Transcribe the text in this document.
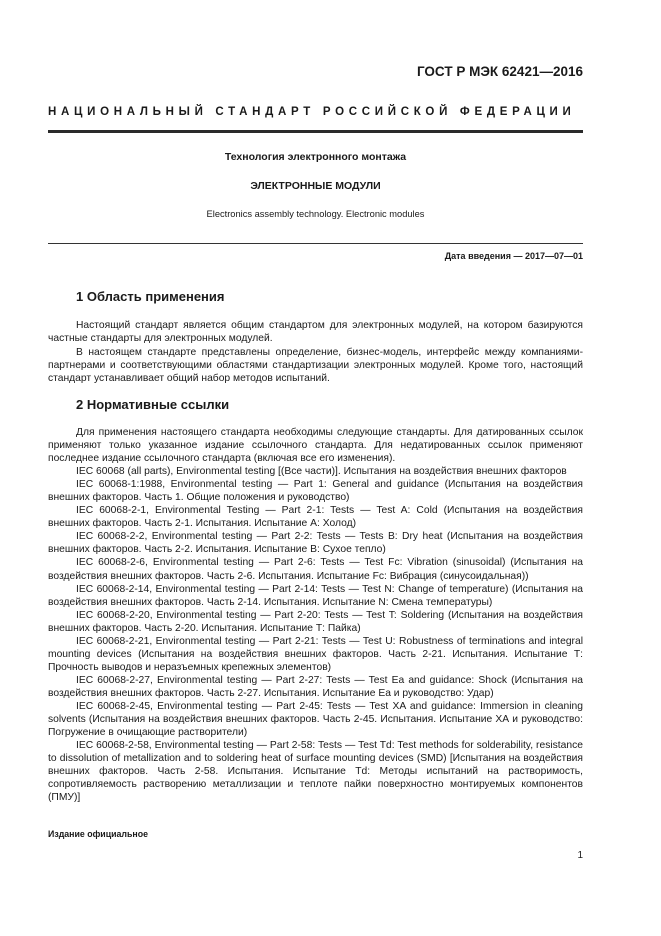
ГОСТ Р МЭК 62421—2016
НАЦИОНАЛЬНЫЙ СТАНДАРТ РОССИЙСКОЙ ФЕДЕРАЦИИ
Технология электронного монтажа
ЭЛЕКТРОННЫЕ МОДУЛИ
Electronics assembly technology. Electronic modules
Дата введения — 2017—07—01
1 Область применения

Настоящий стандарт является общим стандартом для электронных модулей, на котором базируются частные стандарты для электронных модулей.

В настоящем стандарте представлены определение, бизнес-модель, интерфейс между компаниями-партнерами и соответствующими областями стандартизации электронных модулей. Кроме того, настоящий стандарт устанавливает общий набор методов испытаний.

2 Нормативные ссылки

Для применения настоящего стандарта необходимы следующие стандарты. Для датированных ссылок применяют только указанное издание ссылочного стандарта. Для недатированных ссылок применяют последнее издание ссылочного стандарта (включая все его изменения).

IEC 60068 (all parts), Environmental testing [(Все части)]. Испытания на воздействия внешних факторов

IEC 60068-1:1988, Environmental testing — Part 1: General and guidance (Испытания на воздействия внешних факторов. Часть 1. Общие положения и руководство)

IEC 60068-2-1, Environmental Testing — Part 2-1: Tests — Test A: Cold (Испытания на воздействия внешних факторов. Часть 2-1. Испытания. Испытание А: Холод)

IEC 60068-2-2, Environmental testing — Part 2-2: Tests — Tests B: Dry heat (Испытания на воздействия внешних факторов. Часть 2-2. Испытания. Испытание В: Сухое тепло)

IEC 60068-2-6, Environmental testing — Part 2-6: Tests — Test Fc: Vibration (sinusoidal) (Испытания на воздействия внешних факторов. Часть 2-6. Испытания. Испытание Fc: Вибрация (синусоидальная))

IEC 60068-2-14, Environmental testing — Part 2-14: Tests — Test N: Change of temperature) (Испытания на воздействия внешних факторов. Часть 2-14. Испытания. Испытание N: Смена температуры)

IEC 60068-2-20, Environmental testing — Part 2-20: Tests — Test T: Soldering (Испытания на воздействия внешних факторов. Часть 2-20. Испытания. Испытание Т: Пайка)

IEC 60068-2-21, Environmental testing — Part 2-21: Tests — Test U: Robustness of terminations and integral mounting devices (Испытания на воздействия внешних факторов. Часть 2-21. Испытания. Испытание Т: Прочность выводов и неразъемных крепежных элементов)

IEC 60068-2-27, Environmental testing — Part 2-27: Tests — Test Ea and guidance: Shock (Испытания на воздействия внешних факторов. Часть 2-27. Испытания. Испытание Еа и руководство: Удар)

IEC 60068-2-45, Environmental testing — Part 2-45: Tests — Test XA and guidance: Immersion in cleaning solvents (Испытания на воздействия внешних факторов. Часть 2-45. Испытания. Испытание ХА и руководство: Погружение в очищающие растворители)

IEC 60068-2-58, Environmental testing — Part 2-58: Tests — Test Td: Test methods for solderability, resistance to dissolution of metallization and to soldering heat of surface mounting devices (SMD) [Испытания на воздействия внешних факторов. Часть 2-58. Испытания. Испытание Td: Методы испытаний на растворимость, сопротивляемость растворению металлизации и теплоте пайки поверхностно монтируемых компонентов (ПМУ)]

Издание официальное
1
